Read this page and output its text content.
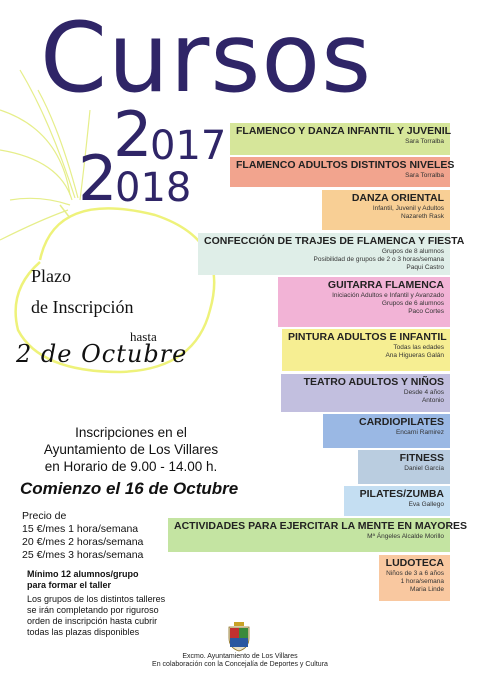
Cursos
2
017
2
018
Plazo
de Inscripción
hasta
2 de Octubre
Inscripciones en el
Ayuntamiento de Los Villares
en Horario de 9.00 - 14.00 h.
Comienzo el 16 de Octubre
Precio de
15 €/mes 1 hora/semana
20 €/mes 2 horas/semana
25 €/mes 3 horas/semana
Mínimo 12 alumnos/grupo
para formar el taller
Los grupos de los distintos talleres
se irán completando por riguroso
orden de inscripción hasta cubrir
todas las plazas disponibles
FLAMENCO Y DANZA INFANTIL Y JUVENIL
Sara Torralba
FLAMENCO ADULTOS DISTINTOS NIVELES
Sara Torralba
DANZA ORIENTAL
Infantil, Juvenil y Adultos
Nazareth Rask
CONFECCIÓN DE TRAJES DE FLAMENCA Y FIESTA
Grupos de 8 alumnos
Posibilidad de grupos de 2 o 3 horas/semana
Paqui Castro
GUITARRA FLAMENCA
Iniciación Adultos e Infantil y Avanzado
Grupos de 6 alumnos
Paco Cortes
PINTURA ADULTOS E INFANTIL
Todas las edades
Ana Higueras Galán
TEATRO ADULTOS Y NIÑOS
Desde 4 años
Antonio
CARDIOPILATES
Encarni Ramirez
FITNESS
Daniel García
PILATES/ZUMBA
Eva Gallego
ACTIVIDADES PARA EJERCITAR LA MENTE EN MAYORES
Mª Ángeles Alcalde Morillo
LUDOTECA
Niños de 3 a 6 años
1 hora/semana
Maria Linde
Excmo. Ayuntamiento de Los Villares
En colaboración con la Concejalía de Deportes y Cultura
